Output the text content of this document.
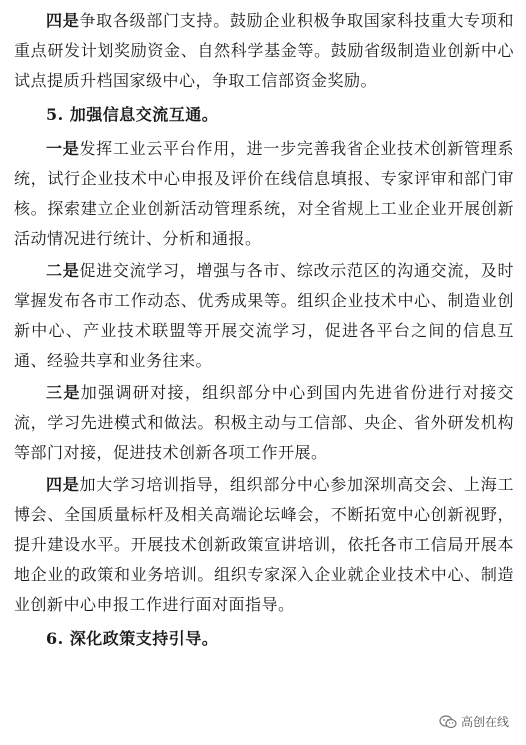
四是争取各级部门支持。鼓励企业积极争取国家科技重大专项和重点研发计划奖励资金、自然科学基金等。鼓励省级制造业创新中心试点提质升档国家级中心，争取工信部资金奖励。

5. 加强信息交流互通。

一是发挥工业云平台作用，进一步完善我省企业技术创新管理系统，试行企业技术中心申报及评价在线信息填报、专家评审和部门审核。探索建立企业创新活动管理系统，对全省规上工业企业开展创新活动情况进行统计、分析和通报。

二是促进交流学习，增强与各市、综改示范区的沟通交流，及时掌握发布各市工作动态、优秀成果等。组织企业技术中心、制造业创新中心、产业技术联盟等开展交流学习，促进各平台之间的信息互通、经验共享和业务往来。

三是加强调研对接，组织部分中心到国内先进省份进行对接交流，学习先进模式和做法。积极主动与工信部、央企、省外研发机构等部门对接，促进技术创新各项工作开展。

四是加大学习培训指导，组织部分中心参加深圳高交会、上海工博会、全国质量标杆及相关高端论坛峰会，不断拓宽中心创新视野，提升建设水平。开展技术创新政策宣讲培训，依托各市工信局开展本地企业的政策和业务培训。组织专家深入企业就企业技术中心、制造业创新中心申报工作进行面对面指导。

6. 深化政策支持引导。

高创在线
